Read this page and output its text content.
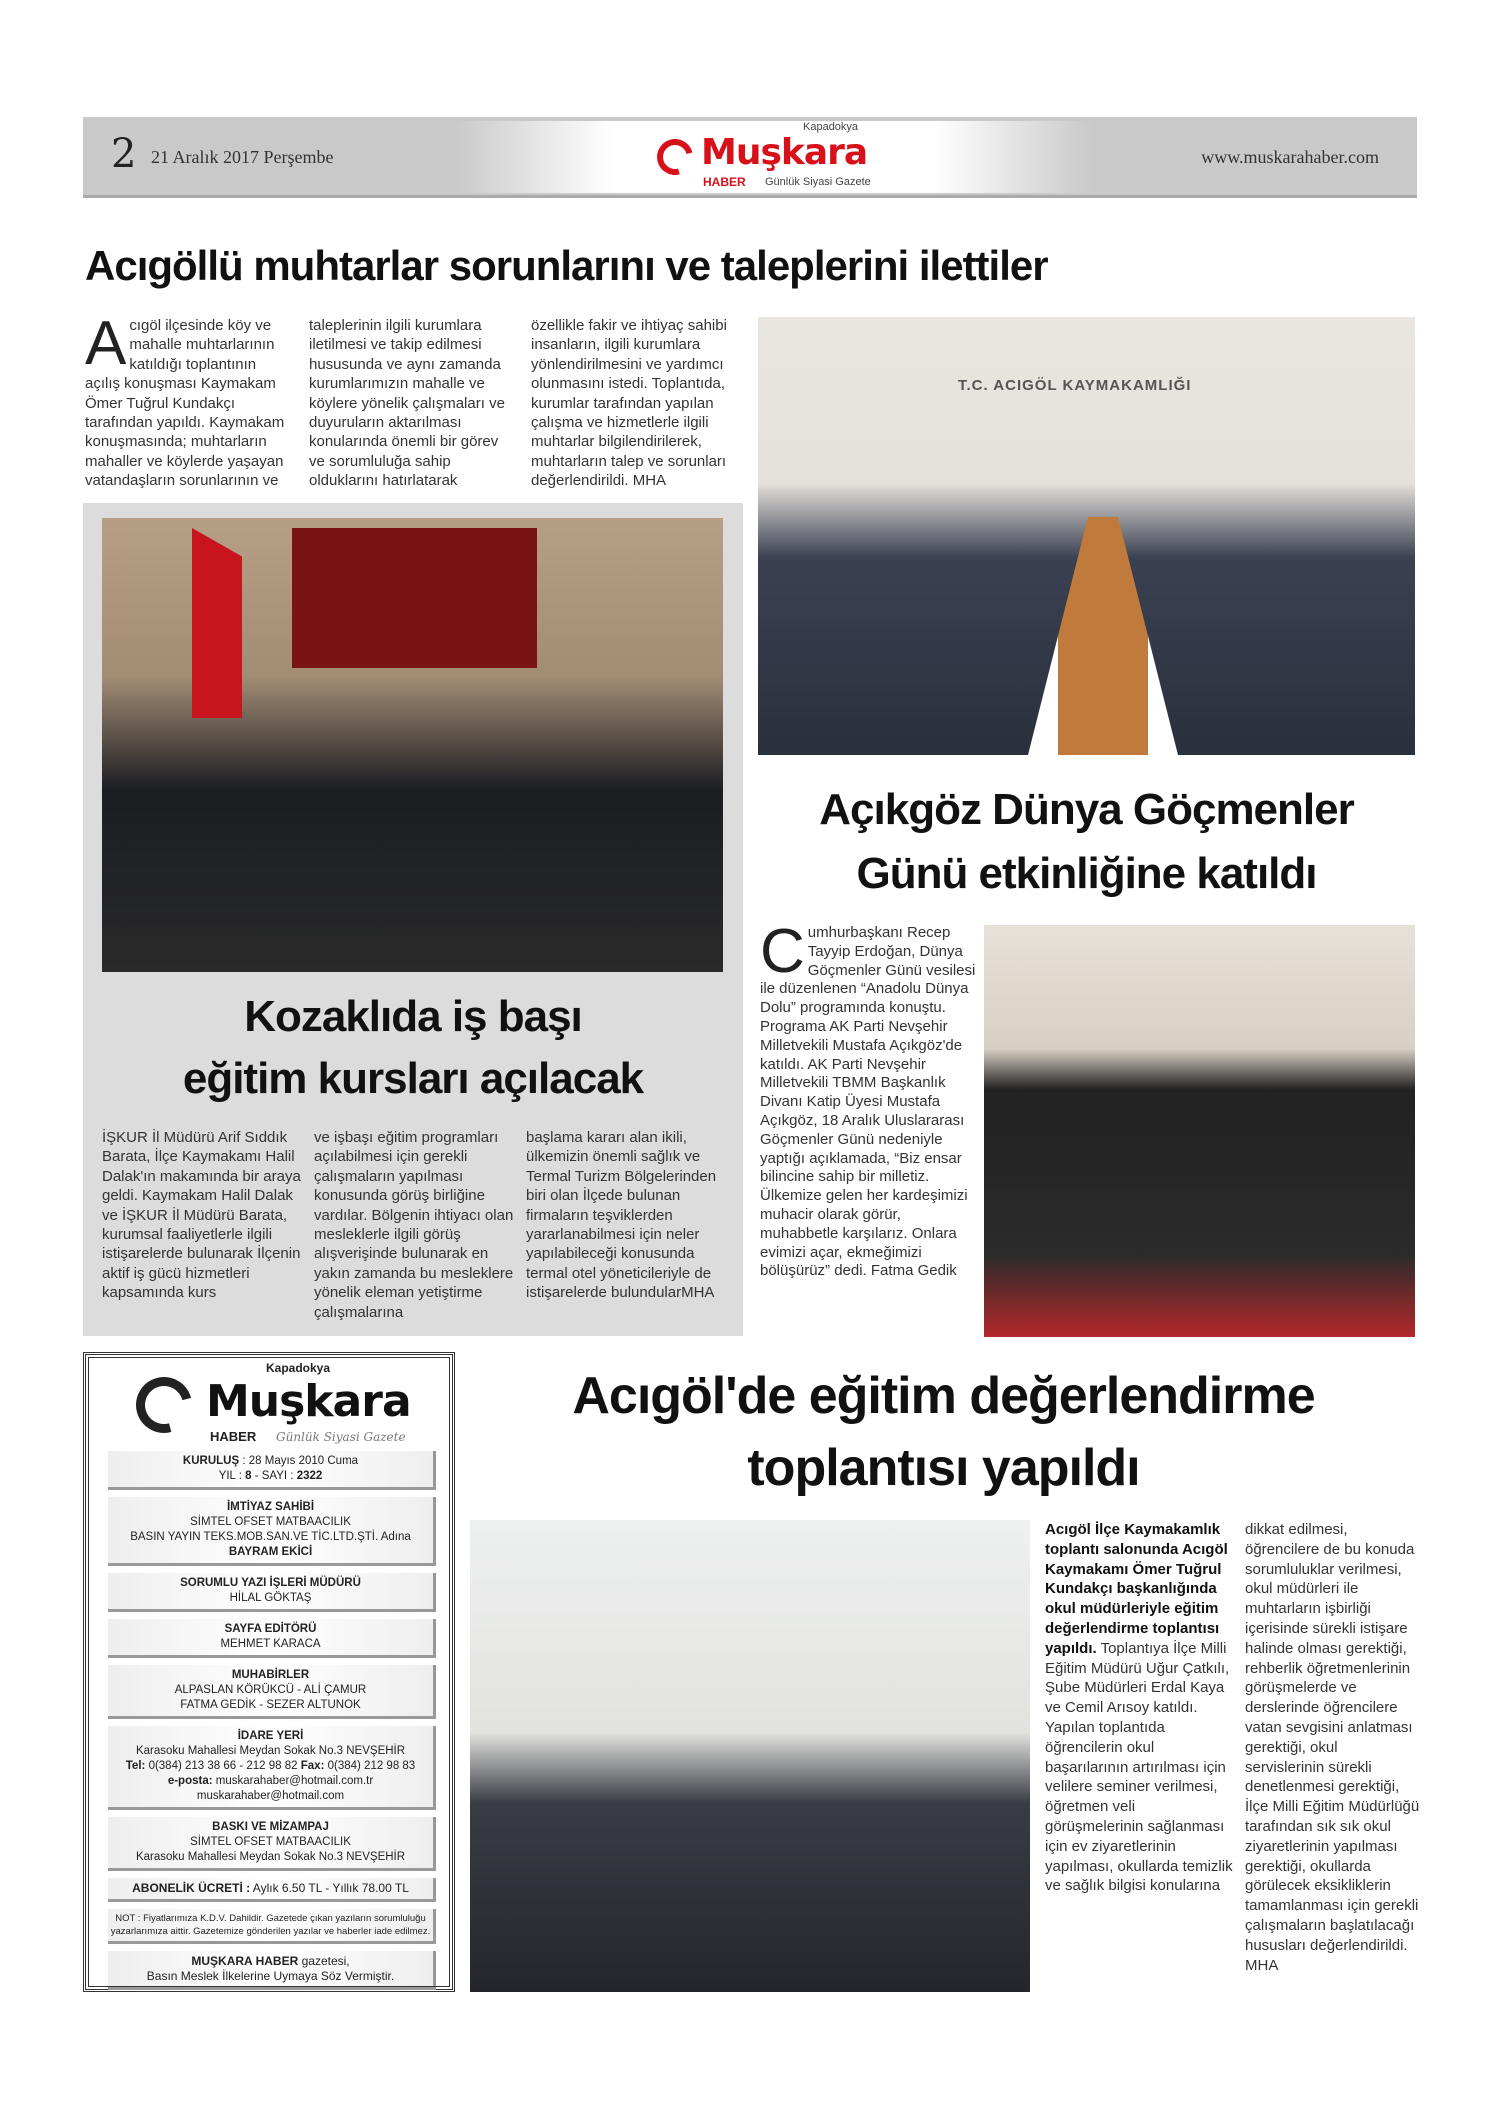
2 21 Aralık 2017 Perşembe
Kapadokya
Muşkara
HABER Günlük Siyasi Gazete
www.muskarahaber.com
Acıgöllü muhtarlar sorunlarını ve taleplerini ilettiler
Acıgöl ilçesinde köy ve mahalle muhtarlarının katıldığı toplantının açılış konuşması Kaymakam Ömer Tuğrul Kundakçı tarafından yapıldı. Kaymakam konuşmasında; muhtarların mahaller ve köylerde yaşayan vatandaşların sorunlarının ve
taleplerinin ilgili kurumlara iletilmesi ve takip edilmesi hususunda ve aynı zamanda kurumlarımızın mahalle ve köylere yönelik çalışmaları ve duyuruların aktarılması konularında önemli bir görev ve sorumluluğa sahip olduklarını hatırlatarak
özellikle fakir ve ihtiyaç sahibi insanların, ilgili kurumlara yönlendirilmesini ve yardımcı olunmasını istedi. Toplantıda, kurumlar tarafından yapılan çalışma ve hizmetlerle ilgili muhtarlar bilgilendirilerek, muhtarların talep ve sorunları değerlendirildi. MHA
T.C. ACIGÖL KAYMAKAMLIĞI
Kozaklıda iş başı
eğitim kursları açılacak
İŞKUR İl Müdürü Arif Sıddık Barata, İlçe Kaymakamı Halil Dalak'ın makamında bir araya geldi. Kaymakam Halil Dalak ve İŞKUR İl Müdürü Barata, kurumsal faaliyetlerle ilgili istişarelerde bulunarak İlçenin aktif iş gücü hizmetleri kapsamında kurs
ve işbaşı eğitim programları açılabilmesi için gerekli çalışmaların yapılması konusunda görüş birliğine vardılar. Bölgenin ihtiyacı olan mesleklerle ilgili görüş alışverişinde bulunarak en yakın zamanda bu mesleklere yönelik eleman yetiştirme çalışmalarına
başlama kararı alan ikili, ülkemizin önemli sağlık ve Termal Turizm Bölgelerinden biri olan İlçede bulunan firmaların teşviklerden yararlanabilmesi için neler yapılabileceği konusunda termal otel yöneticileriyle de istişarelerde bulundularMHA
Açıkgöz Dünya Göçmenler
Günü etkinliğine katıldı
Cumhurbaşkanı Recep Tayyip Erdoğan, Dünya Göçmenler Günü vesilesi ile düzenlenen “Anadolu Dünya Dolu” programında konuştu. Programa AK Parti Nevşehir Milletvekili Mustafa Açıkgöz'de katıldı. AK Parti Nevşehir Milletvekili TBMM Başkanlık Divanı Katip Üyesi Mustafa Açıkgöz, 18 Aralık Uluslararası Göçmenler Günü nedeniyle yaptığı açıklamada, “Biz ensar bilincine sahip bir milletiz. Ülkemize gelen her kardeşimizi muhacir olarak görür, muhabbetle karşılarız. Onlara evimizi açar, ekmeğimizi bölüşürüz” dedi. Fatma Gedik
Kapadokya
Muşkara
HABER Günlük Siyasi Gazete
KURULUŞ : 28 Mayıs 2010 Cuma
YIL : 8 - SAYI : 2322
İMTİYAZ SAHİBİ
SİMTEL OFSET MATBAACILIK
BASIN YAYIN TEKS.MOB.SAN.VE TİC.LTD.ŞTİ. Adına
BAYRAM EKİCİ
SORUMLU YAZI İŞLERİ MÜDÜRÜ
HİLAL GÖKTAŞ
SAYFA EDİTÖRÜ
MEHMET KARACA
MUHABİRLER
ALPASLAN KÖRÜKCÜ - ALİ ÇAMUR
FATMA GEDİK - SEZER ALTUNOK
İDARE YERİ
Karasoku Mahallesi Meydan Sokak No.3 NEVŞEHİR
Tel: 0(384) 213 38 66 - 212 98 82 Fax: 0(384) 212 98 83
e-posta: muskarahaber@hotmail.com.tr
muskarahaber@hotmail.com
BASKI VE MİZAMPAJ
SİMTEL OFSET MATBAACILIK
Karasoku Mahallesi Meydan Sokak No.3 NEVŞEHİR
ABONELİK ÜCRETİ : Aylık 6.50 TL - Yıllık 78.00 TL
NOT : Fiyatlarımıza K.D.V. Dahildir. Gazetede çıkan yazıların sorumluluğu yazarlarımıza aittir. Gazetemize gönderilen yazılar ve haberler iade edilmez.
MUŞKARA HABER gazetesi,
Basın Meslek İlkelerine Uymaya Söz Vermiştir.
Acıgöl'de eğitim değerlendirme
toplantısı yapıldı
Acıgöl İlçe Kaymakamlık toplantı salonunda Acıgöl Kaymakamı Ömer Tuğrul Kundakçı başkanlığında okul müdürleriyle eğitim değerlendirme toplantısı yapıldı. Toplantıya İlçe Milli Eğitim Müdürü Uğur Çatkılı, Şube Müdürleri Erdal Kaya ve Cemil Arısoy katıldı. Yapılan toplantıda öğrencilerin okul başarılarının artırılması için velilere seminer verilmesi, öğretmen veli görüşmelerinin sağlanması için ev ziyaretlerinin yapılması, okullarda temizlik ve sağlık bilgisi konularına
dikkat edilmesi, öğrencilere de bu konuda sorumluluklar verilmesi, okul müdürleri ile muhtarların işbirliği içerisinde sürekli istişare halinde olması gerektiği, rehberlik öğretmenlerinin görüşmelerde ve derslerinde öğrencilere vatan sevgisini anlatması gerektiği, okul servislerinin sürekli denetlenmesi gerektiği, İlçe Milli Eğitim Müdürlüğü tarafından sık sık okul ziyaretlerinin yapılması gerektiği, okullarda görülecek eksikliklerin tamamlanması için gerekli çalışmaların başlatılacağı hususları değerlendirildi. MHA
